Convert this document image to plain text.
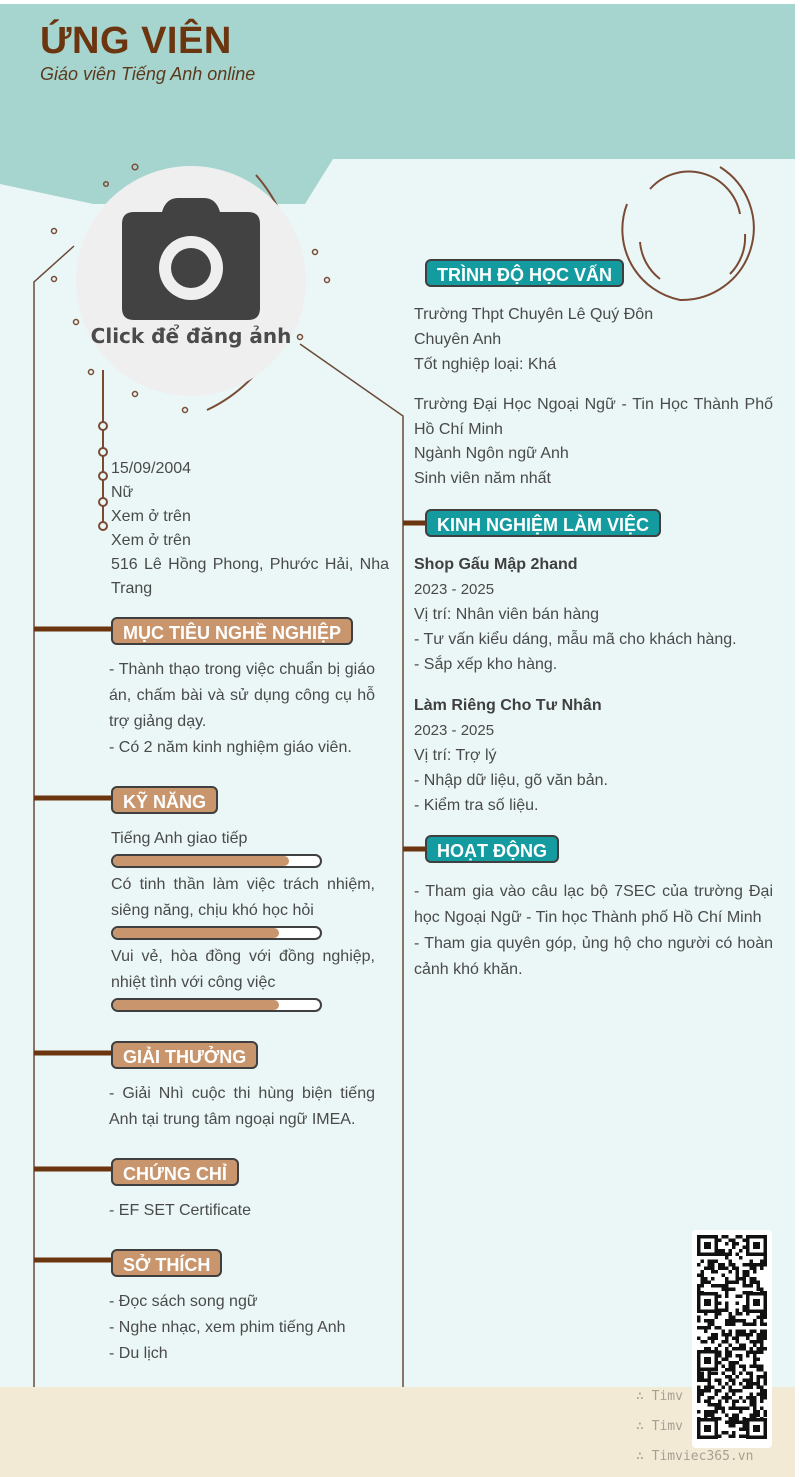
ỨNG VIÊN
Giáo viên Tiếng Anh online
Click để đăng ảnh
15/09/2004
Nữ
Xem ở trên
Xem ở trên
516 Lê Hồng Phong, Phước Hải, Nha Trang
MỤC TIÊU NGHỀ NGHIỆP
- Thành thạo trong việc chuẩn bị giáo án, chấm bài và sử dụng công cụ hỗ trợ giảng dạy.
- Có 2 năm kinh nghiệm giáo viên.
KỸ NĂNG
Tiếng Anh giao tiếp
Có tinh thần làm việc trách nhiệm, siêng năng, chịu khó học hỏi
Vui vẻ, hòa đồng với đồng nghiệp, nhiệt tình với công việc
GIẢI THƯỞNG
- Giải Nhì cuộc thi hùng biện tiếng Anh tại trung tâm ngoại ngữ IMEA.
CHỨNG CHỈ
- EF SET Certificate
SỞ THÍCH
- Đọc sách song ngữ
- Nghe nhạc, xem phim tiếng Anh
- Du lịch
TRÌNH ĐỘ HỌC VẤN
Trường Thpt Chuyên Lê Quý Đôn
Chuyên Anh
Tốt nghiệp loại: Khá
Trường Đại Học Ngoại Ngữ - Tin Học Thành Phố Hồ Chí Minh
Ngành Ngôn ngữ Anh
Sinh viên năm nhất
KINH NGHIỆM LÀM VIỆC
Shop Gấu Mập 2hand
2023 - 2025
Vị trí: Nhân viên bán hàng
- Tư vấn kiểu dáng, mẫu mã cho khách hàng.
- Sắp xếp kho hàng.
Làm Riêng Cho Tư Nhân
2023 - 2025
Vị trí: Trợ lý
- Nhập dữ liệu, gõ văn bản.
- Kiểm tra số liệu.
HOẠT ĐỘNG
- Tham gia vào câu lạc bộ 7SEC của trường Đại học Ngoại Ngữ - Tin học Thành phố Hồ Chí Minh
- Tham gia quyên góp, ủng hộ cho người có hoàn cảnh khó khăn.
∴ Timv
∴ Timv
∴ Timviec365.vn
